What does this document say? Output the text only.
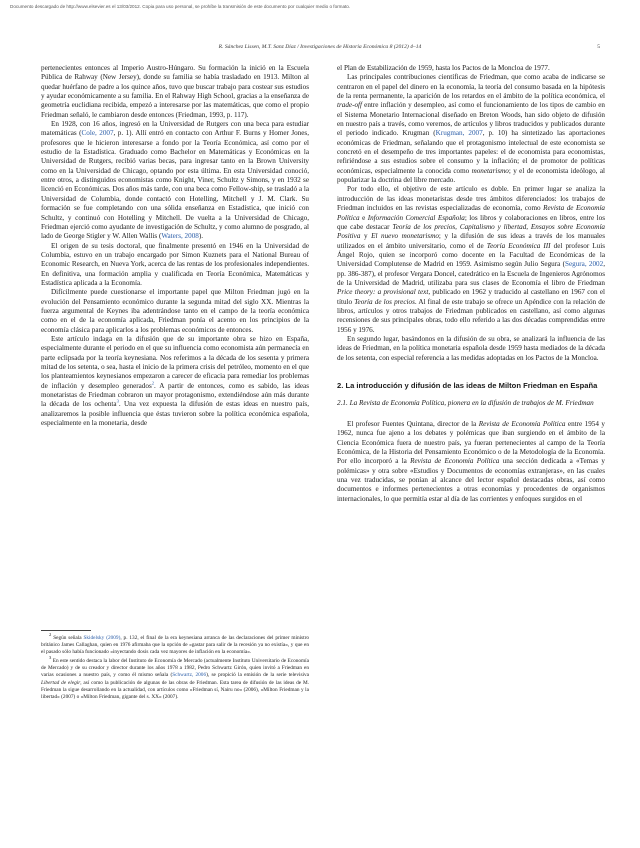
Documento descargado de http://www.elsevier.es el 13/03/2012. Copia para uso personal, se prohíbe la transmisión de este documento por cualquier medio o formato.
R. Sánchez Lissen, M.T. Sanz Díaz / Investigaciones de Historia Económica 8 (2012) 4–14	5

pertenecientes entonces al Imperio Austro-Húngaro. Su formación la inició en la Escuela Pública de Rahway (New Jersey), donde su familia se había trasladado en 1913. Milton al quedar huérfano de padre a los quince años, tuvo que buscar trabajo para costear sus estudios y ayudar económicamente a su familia. En el Rahway High School, gracias a la enseñanza de geometría euclidiana recibida, empezó a interesarse por las matemáticas, que como el propio Friedman señaló, le cambiaron desde entonces (Friedman, 1993, p. 117).

En 1928, con 16 años, ingresó en la Universidad de Rutgers con una beca para estudiar matemáticas (Cole, 2007, p. 1). Allí entró en contacto con Arthur F. Burns y Homer Jones, profesores que le hicieron interesarse a fondo por la Teoría Económica, así como por el estudio de la Estadística. Graduado como Bachelor en Matemáticas y Económicas en la Universidad de Rutgers, recibió varias becas, para ingresar tanto en la Brown University como en la Universidad de Chicago, optando por esta última. En esta Universidad conoció, entre otros, a distinguidos economistas como Knight, Viner, Schultz y Simons, y en 1932 se licenció en Económicas. Dos años más tarde, con una beca como Fellow-ship, se trasladó a la Universidad de Columbia, donde contactó con Hotelling, Mitchell y J. M. Clark. Su formación se fue completando con una sólida enseñanza en Estadística, que inició con Schultz, y continuó con Hotelling y Mitchell. De vuelta a la Universidad de Chicago, Friedman ejerció como ayudante de investigación de Schultz, y como alumno de posgrado, al lado de George Stigler y W. Allen Wallis (Waters, 2008).

El origen de su tesis doctoral, que finalmente presentó en 1946 en la Universidad de Columbia, estuvo en un trabajo encargado por Simon Kuznets para el National Bureau of Economic Research, en Nueva York, acerca de las rentas de los profesionales independientes. En definitiva, una formación amplia y cualificada en Teoría Económica, Matemáticas y Estadística aplicada a la Economía.

Difícilmente puede cuestionarse el importante papel que Milton Friedman jugó en la evolución del Pensamiento económico durante la segunda mitad del siglo XX. Mientras la fuerza argumental de Keynes iba adentrándose tanto en el campo de la teoría económica como en el de la economía aplicada, Friedman ponía el acento en los principios de la economía clásica para aplicarlos a los problemas económicos de entonces.

Este artículo indaga en la difusión que de su importante obra se hizo en España, especialmente durante el periodo en el que su influencia como economista aún permanecía en parte eclipsada por la teoría keynesiana. Nos referimos a la década de los sesenta y primera mitad de los setenta, o sea, hasta el inicio de la primera crisis del petróleo, momento en el que los planteamientos keynesianos empezaron a carecer de eficacia para remediar los problemas de inflación y desempleo generados$^2$. A partir de entonces, como es sabido, las ideas monetaristas de Friedman cobraron un mayor protagonismo, extendiéndose aún más durante la década de los ochenta$^3$. Una vez expuesta la difusión de estas ideas en nuestro país, analizaremos la posible influencia que éstas tuvieron sobre la política económica española, especialmente en la monetaria, desde

$^2$ Según señala Skidelsky (2009), p. 132, el final de la era keynesiana arranca de las declaraciones del primer ministro británico James Callaghan, quien en 1976 afirmaba que la opción de «gastar para salir de la recesión ya no existía», y que en el pasado sólo había funcionado «inyectando dosis cada vez mayores de inflación en la economía».

$^3$ En este sentido destaca la labor del Instituto de Economía de Mercado (actualmente Instituto Universitario de Economía de Mercado) y de su creador y director durante los años 1978 a 1982, Pedro Schwartz Girón, quien invitó a Friedman en varias ocasiones a nuestro país, y como él mismo señala (Schwartz, 2006), se propició la emisión de la serie televisiva Libertad de elegir, así como la publicación de algunas de las obras de Friedman. Esta tarea de difusión de las ideas de M. Friedman la sigue desarrollando en la actualidad, con artículos como «Friedman sí, Nairu no» (2006), «Milton Friedman y la libertad» (2007) o «Milton Friedman, gigante del s. XX» (2007).

el Plan de Estabilización de 1959, hasta los Pactos de la Moncloa de 1977.

Las principales contribuciones científicas de Friedman, que como acaba de indicarse se centraron en el papel del dinero en la economía, la teoría del consumo basada en la hipótesis de la renta permanente, la aparición de los retardos en el ámbito de la política económica, el trade-off entre inflación y desempleo, así como el funcionamiento de los tipos de cambio en el Sistema Monetario Internacional diseñado en Breton Woods, han sido objeto de difusión en nuestro país a través, como veremos, de artículos y libros traducidos y publicados durante el periodo indicado. Krugman (Krugman, 2007, p. 10) ha sintetizado las aportaciones económicas de Friedman, señalando que el protagonismo intelectual de este economista se concretó en el desempeño de tres importantes papeles: el de economista para economistas, refiriéndose a sus estudios sobre el consumo y la inflación; el de promotor de políticas económicas, especialmente la conocida como monetarismo; y el de economista ideólogo, al popularizar la doctrina del libre mercado.

Por todo ello, el objetivo de este artículo es doble. En primer lugar se analiza la introducción de las ideas monetaristas desde tres ámbitos diferenciados: los trabajos de Friedman incluidos en las revistas especializadas de economía, como Revista de Economía Política e Información Comercial Española; los libros y colaboraciones en libros, entre los que cabe destacar Teoría de los precios, Capitalismo y libertad, Ensayos sobre Economía Positiva y El nuevo monetarismo; y la difusión de sus ideas a través de los manuales utilizados en el ámbito universitario, como el de Teoría Económica III del profesor Luis Ángel Rojo, quien se incorporó como docente en la Facultad de Económicas de la Universidad Complutense de Madrid en 1959. Asimismo según Julio Segura (Segura, 2002, pp. 386-387), el profesor Vergara Doncel, catedrático en la Escuela de Ingenieros Agrónomos de la Universidad de Madrid, utilizaba para sus clases de Economía el libro de Friedman Price theory: a provisional text, publicado en 1962 y traducido al castellano en 1967 con el título Teoría de los precios. Al final de este trabajo se ofrece un Apéndice con la relación de libros, artículos y otros trabajos de Friedman publicados en castellano, así como algunas recensiones de sus principales obras, todo ello referido a las dos décadas comprendidas entre 1956 y 1976.

En segundo lugar, basándonos en la difusión de su obra, se analizará la influencia de las ideas de Friedman, en la política monetaria española desde 1959 hasta mediados de la década de los setenta, con especial referencia a las medidas adoptadas en los Pactos de la Moncloa.

2. La introducción y difusión de las ideas de Milton Friedman en España
2.1. La Revista de Economía Política, pionera en la difusión de trabajos de M. Friedman

El profesor Fuentes Quintana, director de la Revista de Economía Política entre 1954 y 1962, nunca fue ajeno a los debates y polémicas que iban surgiendo en el ámbito de la Ciencia Económica fuera de nuestro país, ya fueran pertenecientes al campo de la Teoría Económica, de la Historia del Pensamiento Económico o de la Metodología de la Economía. Por ello incorporó a la Revista de Economía Política una sección dedicada a «Temas y polémicas» y otra sobre «Estudios y Documentos de economías extranjeras», en las cuales una vez traducidas, se ponían al alcance del lector español destacadas obras, así como documentos e informes pertenecientes a otras economías y procedentes de organismos internacionales, lo que permitía estar al día de las corrientes y enfoques surgidos en el
